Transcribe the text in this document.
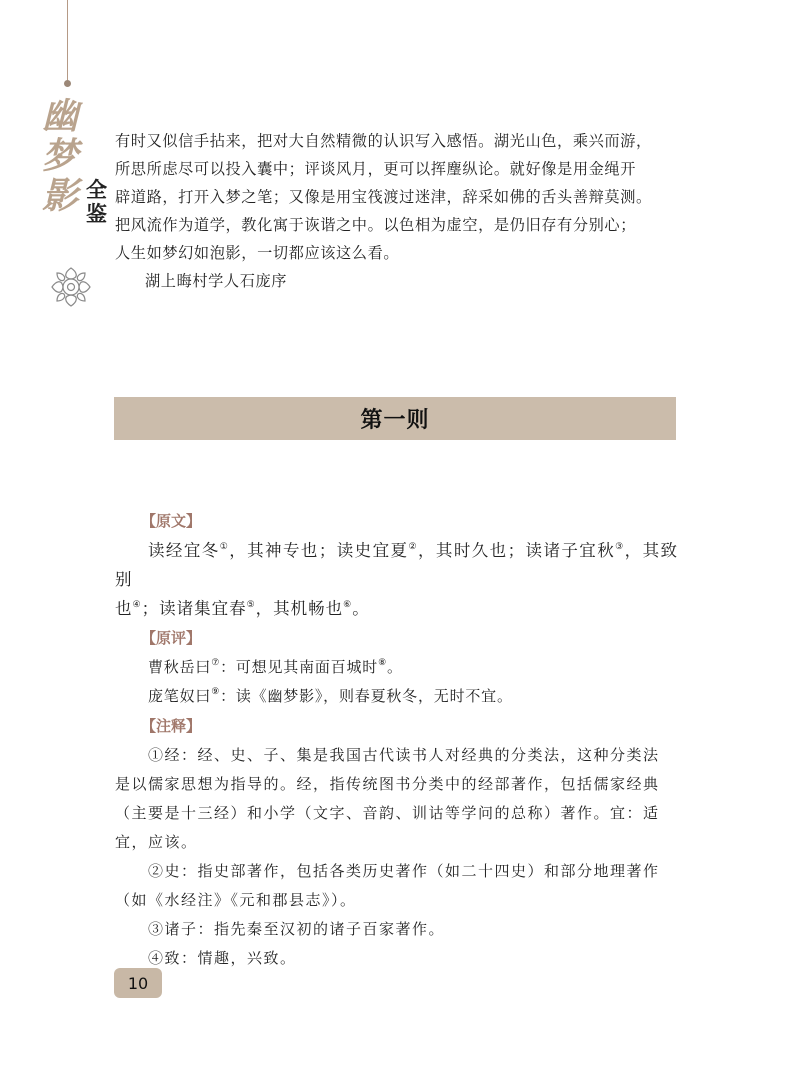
幽
梦
影 全
鉴

有时又似信手拈来，把对大自然精微的认识写入感悟。湖光山色，乘兴而游，

所思所虑尽可以投入囊中；评谈风月，更可以挥麈纵论。就好像是用金绳开

辟道路，打开入梦之笔；又像是用宝筏渡过迷津，辞采如佛的舌头善辩莫测。

把风流作为道学，教化寓于诙谐之中。以色相为虚空，是仍旧存有分别心；

人生如梦幻如泡影，一切都应该这么看。

湖上晦村学人石庞序

第一则

【原文】

读经宜冬①，其神专也；读史宜夏②，其时久也；读诸子宜秋③，其致别

也④；读诸集宜春⑤，其机畅也⑥。

【原评】

曹秋岳曰⑦：可想见其南面百城时⑧。

庞笔奴曰⑨：读《幽梦影》，则春夏秋冬，无时不宜。

【注释】

①经：经、史、子、集是我国古代读书人对经典的分类法，这种分类法

是以儒家思想为指导的。经，指传统图书分类中的经部著作，包括儒家经典

（主要是十三经）和小学（文字、音韵、训诂等学问的总称）著作。宜：适

宜，应该。

②史：指史部著作，包括各类历史著作（如二十四史）和部分地理著作

（如《水经注》《元和郡县志》）。

③诸子：指先秦至汉初的诸子百家著作。

④致：情趣，兴致。

10
